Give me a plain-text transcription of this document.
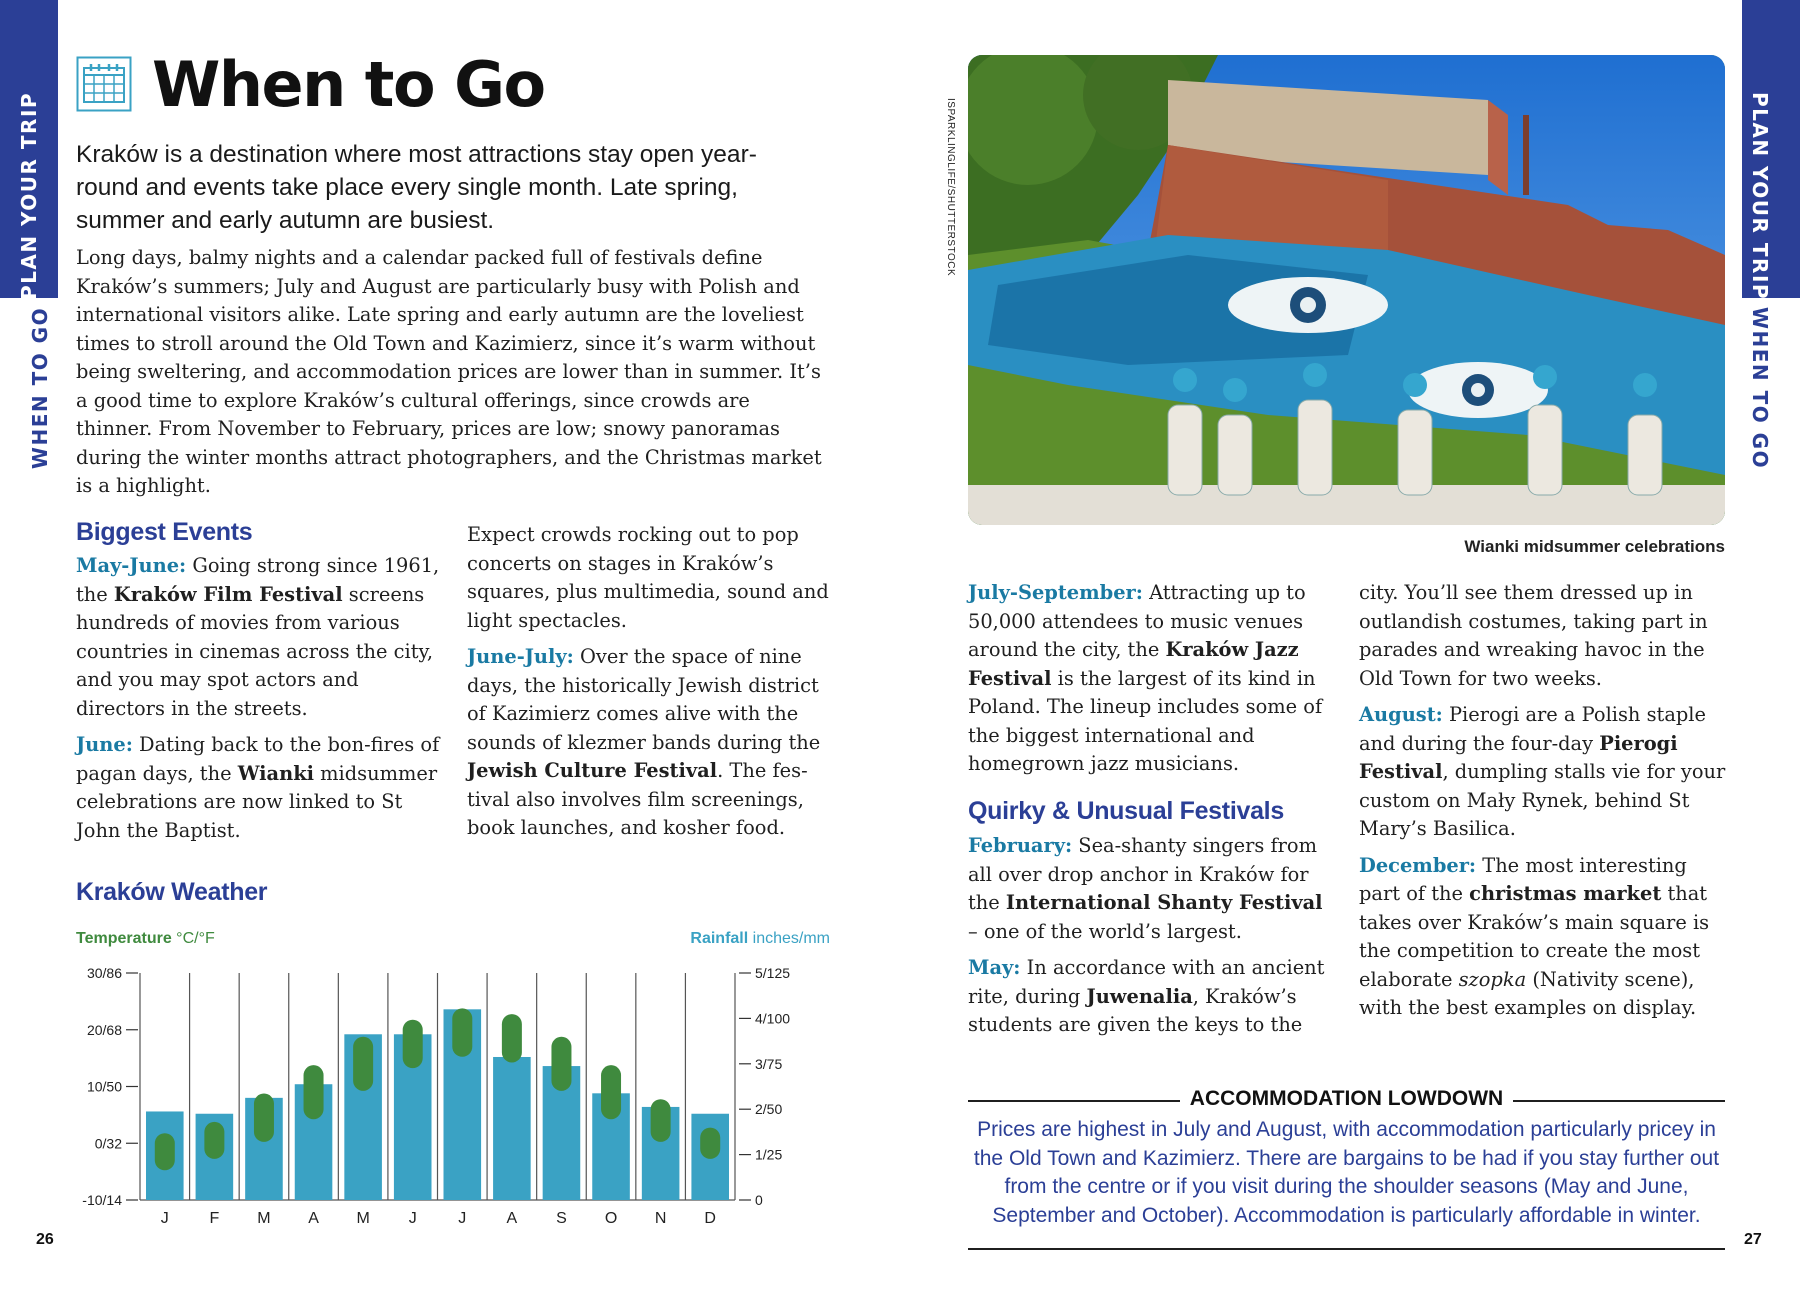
PLAN YOUR TRIP
WHEN TO GO
PLAN YOUR TRIP
WHEN TO GO
When to Go

Kraków is a destination where most attractions stay open year-round and events take place every single month. Late spring, summer and early autumn are busiest.

Long days, balmy nights and a calendar packed full of festivals define Kraków’s summers; July and August are particularly busy with Polish and international visitors alike. Late spring and early autumn are the loveliest times to stroll around the Old Town and Kazimierz, since it’s warm without being sweltering, and accommodation prices are lower than in summer. It’s a good time to explore Kraków’s cultural offerings, since crowds are thinner. From November to February, prices are low; snowy panoramas during the winter months attract photographers, and the Christmas market is a highlight.

Biggest Events

May-June: Going strong since 1961, the Kraków Film Festival screens hundreds of movies from various countries in cinemas across the city, and you may spot actors and directors in the streets.

June: Dating back to the bon-fires of pagan days, the Wianki midsummer celebrations are now linked to St John the Baptist.

Expect crowds rocking out to pop concerts on stages in Kraków’s squares, plus multimedia, sound and light spectacles.

June-July: Over the space of nine days, the historically Jewish district of Kazimierz comes alive with the sounds of klezmer bands during the Jewish Culture Festival. The fes-tival also involves film screenings, book launches, and kosher food.

Kraków Weather
Temperature °C/°F	Rainfall inches/mm
30/86
20/68
10/50
0/32
-10/14
5/125
4/100
3/75
2/50
1/25
0
J	F M A M J	J	A S O N D
26	27
ISPARKLINGLIFE/SHUTTERSTOCK
Wianki midsummer celebrations

July-September: Attracting up to 50,000 attendees to music venues around the city, the Kraków Jazz Festival is the largest of its kind in Poland. The lineup includes some of the biggest international and homegrown jazz musicians.

Quirky & Unusual Festivals

February: Sea-shanty singers from all over drop anchor in Kraków for the International Shanty Festival – one of the world’s largest.

May: In accordance with an ancient rite, during Juwenalia, Kraków’s students are given the keys to the

city. You’ll see them dressed up in outlandish costumes, taking part in parades and wreaking havoc in the Old Town for two weeks.

August: Pierogi are a Polish staple and during the four-day Pierogi Festival, dumpling stalls vie for your custom on Mały Rynek, behind St Mary’s Basilica.

December: The most interesting part of the christmas market that takes over Kraków’s main square is the competition to create the most elaborate szopka (Nativity scene), with the best examples on display.

ACCOMMODATION LOWDOWN

Prices are highest in July and August, with accommodation particularly pricey in the Old Town and Kazimierz. There are bargains to be had if you stay further out from the centre or if you visit during the shoulder seasons (May and June, September and October). Accommodation is particularly affordable in winter.
